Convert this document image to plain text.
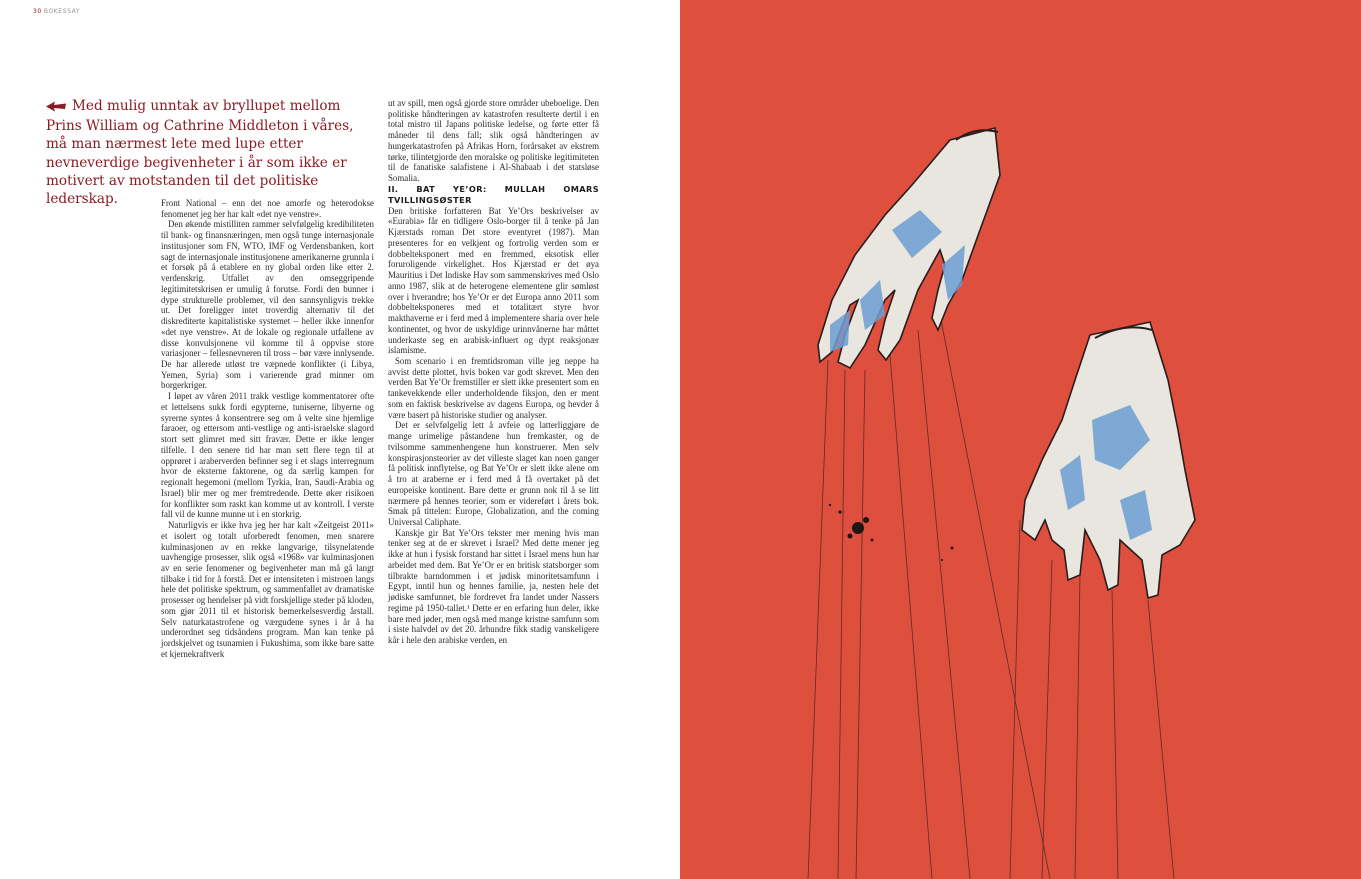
30 BOKESSAY
Med mulig unntak av bryllupet mellom Prins William og Cathrine Middleton i våres, må man nærmest lete med lupe etter nevneverdige begivenheter i år som ikke er motivert av motstanden til det politiske lederskap.	Front National – enn det noe amorfe og heterodokse fenomenet jeg her har kalt «det nye venstre».

Den økende mistilliten rammer selvfølgelig kredibiliteten til bank- og finansnæringen, men også tunge internasjonale institusjoner som FN, WTO, IMF og Verdensbanken, kort sagt de internasjonale institusjonene amerikanerne grunnla i et forsøk på å etablere en ny global orden like etter 2. verdenskrig. Utfallet av den omseggripende legitimitetskrisen er umulig å forutse. Fordi den bunner i dype strukturelle problemer, vil den sannsynligvis trekke ut. Det foreligger intet troverdig alternativ til det diskrediterte kapitalistiske systemet – heller ikke innenfor «det nye venstre». At de lokale og regionale utfallene av disse konvulsjonene vil komme til å oppvise store variasjoner – fellesnevneren til tross – bør være innlysende. De har allerede utløst tre væpnede konflikter (i Libya, Yemen, Syria) som i varierende grad minner om borgerkriger.

I løpet av våren 2011 trakk vestlige kommentatorer ofte et lettelsens sukk fordi egypterne, tuniserne, libyerne og syrerne syntes å konsentrere seg om å velte sine hjemlige faraoer, og ettersom anti-vestlige og anti-israelske slagord stort sett glimret med sitt fravær. Dette er ikke lenger tilfelle. I den senere tid har man sett flere tegn til at opprøret i araberverden befinner seg i et slags interregnum hvor de eksterne faktorene, og da særlig kampen for regionalt hegemoni (mellom Tyrkia, Iran, Saudi-Arabia og Israel) blir mer og mer fremtredende. Dette øker risikoen for konflikter som raskt kan komme ut av kontroll. I verste fall vil de kunne munne ut i en storkrig.

Naturligvis er ikke hva jeg her har kalt «Zeitgeist 2011» et isolert og totalt uforberedt fenomen, men snarere kulminasjonen av en rekke langvarige, tilsynelatende uavhengige prosesser, slik også «1968» var kulminasjonen av en serie fenomener og begivenheter man må gå langt tilbake i tid for å forstå. Det er intensiteten i mistroen langs hele det politiske spektrum, og sammenfallet av dramatiske prosesser og hendelser på vidt forskjellige steder på kloden, som gjør 2011 til et historisk bemerkelsesverdig årstall. Selv naturkatastrofene og værgudene synes i år å ha underordnet seg tidsåndens program. Man kan tenke på jordskjelvet og tsunamien i Fukushima, som ikke bare satte et kjernekraftverk

ut av spill, men også gjorde store områder ubeboelige. Den politiske håndteringen av katastrofen resulterte dertil i en total mistro til Japans politiske ledelse, og førte etter få måneder til dens fall; slik også håndteringen av hungerkatastrofen på Afrikas Horn, forårsaket av ekstrem tørke, tilintetgjorde den moralske og politiske legitimiteten til de fanatiske salafistene i Al-Shabaab i det statsløse Somalia.

II. BAT YE’OR: MULLAH OMARS TVILLINGSØSTER

Den britiske forfatteren Bat Ye’Ors beskrivelser av «Eurabia» får en tidligere Oslo-borger til å tenke på Jan Kjærstads roman Det store eventyret (1987). Man presenteres for en velkjent og fortrolig verden som er dobbelteksponert med en fremmed, eksotisk eller foruroligende virkelighet. Hos Kjærstad er det øya Mauritius i Det Indiske Hav som sammenskrives med Oslo anno 1987, slik at de heterogene elementene glir sømløst over i hverandre; hos Ye’Or er det Europa anno 2011 som dobbelteksponeres med et totalitært styre hvor makthaverne er i ferd med å implementere sharia over hele kontinentet, og hvor de uskyldige urinnvånerne har måttet underkaste seg en arabisk-influert og dypt reaksjonær islamisme.

Som scenario i en fremtidsroman ville jeg neppe ha avvist dette plottet, hvis boken var godt skrevet. Men den verden Bat Ye’Or fremstiller er slett ikke presentert som en tankevekkende eller underholdende fiksjon, den er ment som en faktisk beskrivelse av dagens Europa, og hevder å være basert på historiske studier og analyser.

Det er selvfølgelig lett å avfeie og latterliggjøre de mange urimelige påstandene hun fremkaster, og de tvilsomme sammenhengene hun konstruerer. Men selv konspirasjonsteorier av det villeste slaget kan noen ganger få politisk innflytelse, og Bat Ye’Or er slett ikke alene om å tro at araberne er i ferd med å få overtaket på det europeiske kontinent. Bare dette er grunn nok til å se litt nærmere på hennes teorier, som er videreført i årets bok. Smak på tittelen: Europe, Globalization, and the coming Universal Caliphate.

Kanskje gir Bat Ye’Ors tekster mer mening hvis man tenker seg at de er skrevet i Israel? Med dette mener jeg ikke at hun i fysisk forstand har sittet i Israel mens hun har arbeidet med dem. Bat Ye’Or er en britisk statsborger som tilbrakte barndommen i et jødisk minoritetsamfunn i Egypt, inntil hun og hennes familie, ja, nesten hele det jødiske samfunnet, ble fordrevet fra landet under Nassers regime på 1950-tallet.¹ Dette er en erfaring hun deler, ikke bare med jøder, men også med mange kristne samfunn som i siste halvdel av det 20. århundre fikk stadig vanskeligere kår i hele den arabiske verden, en
